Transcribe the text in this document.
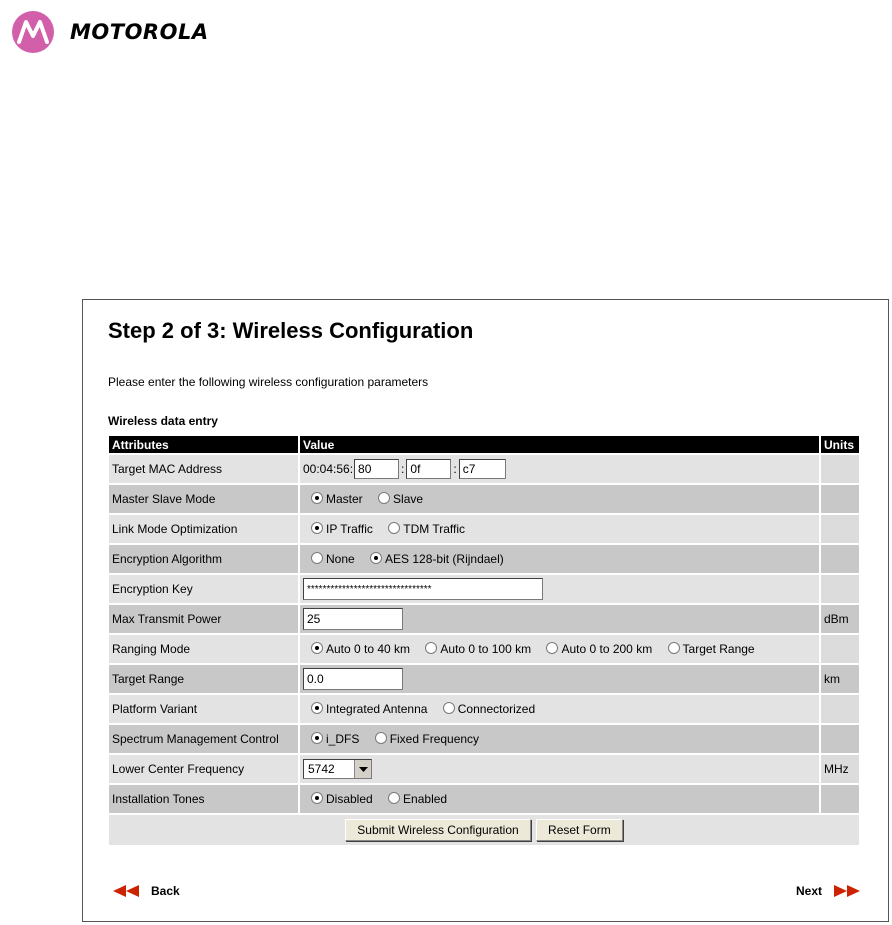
MOTOROLA
Step 2 of 3: Wireless Configuration
Please enter the following wireless configuration parameters
Wireless data entry
Attributes	Value	Units
Target MAC Address	00:04:56:80 :0f :c7	
Master Slave Mode	Master Slave	
Link Mode Optimization	IP Traffic TDM Traffic	
Encryption Algorithm	None AES 128-bit (Rijndael)	
Encryption Key	********************************	
Max Transmit Power	25	dBm
Ranging Mode	Auto 0 to 40 km Auto 0 to 100 km Auto 0 to 200 km Target Range	
Target Range	0.0	km
Platform Variant	Integrated Antenna Connectorized	
Spectrum Management Control	i_DFS Fixed Frequency	
Lower Center Frequency	5742	MHz
Installation Tones	Disabled Enabled	
Submit Wireless Configuration Reset Form		
Back	Next
